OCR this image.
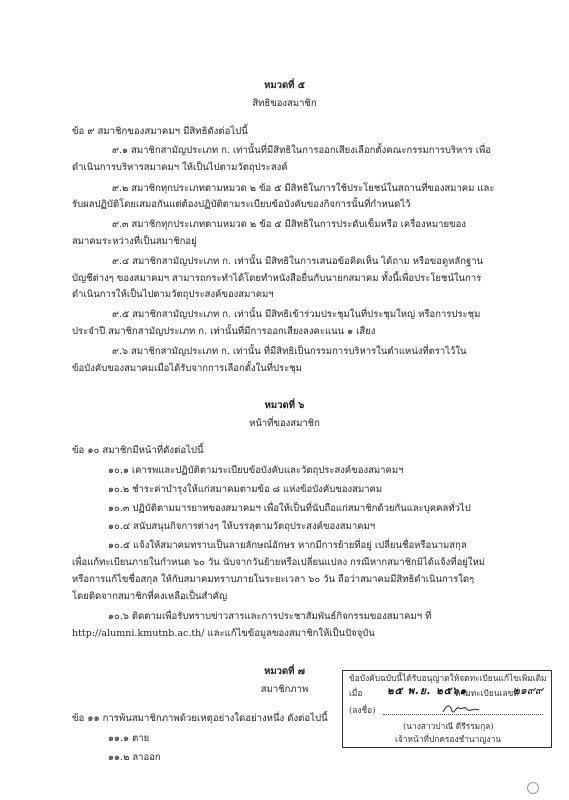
หมวดที่ ๕
สิทธิของสมาชิก
ข้อ ๙ สมาชิกของสมาคมฯ มีสิทธิดังต่อไปนี้
๙.๑ สมาชิกสามัญประเภท ก. เท่านั้นที่มีสิทธิในการออกเสียงเลือกตั้งคณะกรรมการบริหาร เพื่อ
ดำเนินการบริหารสมาคมฯ ให้เป็นไปตามวัตถุประสงค์
๙.๒ สมาชิกทุกประเภทตามหมวด ๒ ข้อ ๕ มีสิทธิในการใช้ประโยชน์ในสถานที่ของสมาคม และ
รับผลปฏิบัติโดยเสมอกันแต่ต้องปฏิบัติตามระเบียบข้อบังคับของกิจการนั้นที่กำหนดไว้
๙.๓ สมาชิกทุกประเภทตามหมวด ๒ ข้อ ๕ มีสิทธิในการประดับเข็มหรือ เครื่องหมายของ
สมาคมระหว่างที่เป็นสมาชิกอยู่
๙.๔ สมาชิกสามัญประเภท ก. เท่านั้น มีสิทธิในการเสนอข้อคิดเห็น ได้ถาม หรือขอดูหลักฐาน
บัญชีต่างๆ ของสมาคมฯ สามารถกระทำได้โดยทำหนังสือยื่นกับนายกสมาคม ทั้งนี้เพื่อประโยชน์ในการ
ดำเนินการให้เป็นไปตามวัตถุประสงค์ของสมาคมฯ
๙.๕ สมาชิกสามัญประเภท ก. เท่านั้น มีสิทธิเข้าร่วมประชุมในที่ประชุมใหญ่ หรือการประชุม
ประจำปี สมาชิกสามัญประเภท ก. เท่านั้นที่มีการออกเสียงลงคะแนน ๑ เสียง
๙.๖ สมาชิกสามัญประเภท ก. เท่านั้น ที่มีสิทธิเป็นกรรมการบริหารในตำแหน่งที่ตราไว้ใน
ข้อบังคับของสมาคมเมื่อได้รับจากการเลือกตั้งในที่ประชุม
หมวดที่ ๖
หน้าที่ของสมาชิก
ข้อ ๑๐ สมาชิกมีหน้าที่ดังต่อไปนี้
๑๐.๑ เคารพและปฏิบัติตามระเบียบข้อบังคับและวัตถุประสงค์ของสมาคมฯ
๑๐.๒ ชำระค่าบำรุงให้แก่สมาคมตามข้อ ๘ แห่งข้อบังคับของสมาคม
๑๐.๓ ปฏิบัติตามมารยาทของสมาคมฯ เพื่อให้เป็นที่นับถือแก่สมาชิกด้วยกันและบุคคลทั่วไป
๑๐.๔ สนับสนุนกิจการต่างๆ ให้บรรลุตามวัตถุประสงค์ของสมาคมฯ
๑๐.๕ แจ้งให้สมาคมทราบเป็นลายลักษณ์อักษร หากมีการย้ายที่อยู่ เปลี่ยนชื่อหรือนามสกุล
เพื่อแก้ทะเบียนภายในกำหนด ๖๐ วัน นับจากวันย้ายหรือเปลี่ยนแปลง กรณีหากสมาชิกมิได้แจ้งที่อยู่ใหม่
หรือการแก้ไขชื่อสกุล ให้กับสมาคมทราบภายในระยะเวลา ๖๐ วัน ถือว่าสมาคมมีสิทธิดำเนินการใดๆ
โดยติดจากสมาชิกที่คงเหลือเป็นสำคัญ
๑๐.๖ ติดตามเพื่อรับทราบข่าวสารและการประชาสัมพันธ์กิจกรรมของสมาคมฯ ที่
http://alumni.kmutnb.ac.th/ และแก้ไขข้อมูลของสมาชิกให้เป็นปัจจุบัน
หมวดที่ ๗
สมาชิกภาพ
ข้อ ๑๑ การพ้นสมาชิกภาพด้วยเหตุอย่างใดอย่างหนึ่ง ดังต่อไปนี้
๑๑.๑ ตาย
๑๑.๒ ลาออก
ข้อบังคับฉบับนี้ได้รับอนุญาตให้จดทะเบียนแก้ไขเพิ่มเติม
เมื่อ ๒๕ พ.ย. ๒๕๖๑
ตามทะเบียนเลขที่
๒๑๙๙
(ลงชื่อ)
(นางสาวปาณี ดีรีรรมกุล)
เจ้าหน้าที่ปกครองชำนาญงาน
